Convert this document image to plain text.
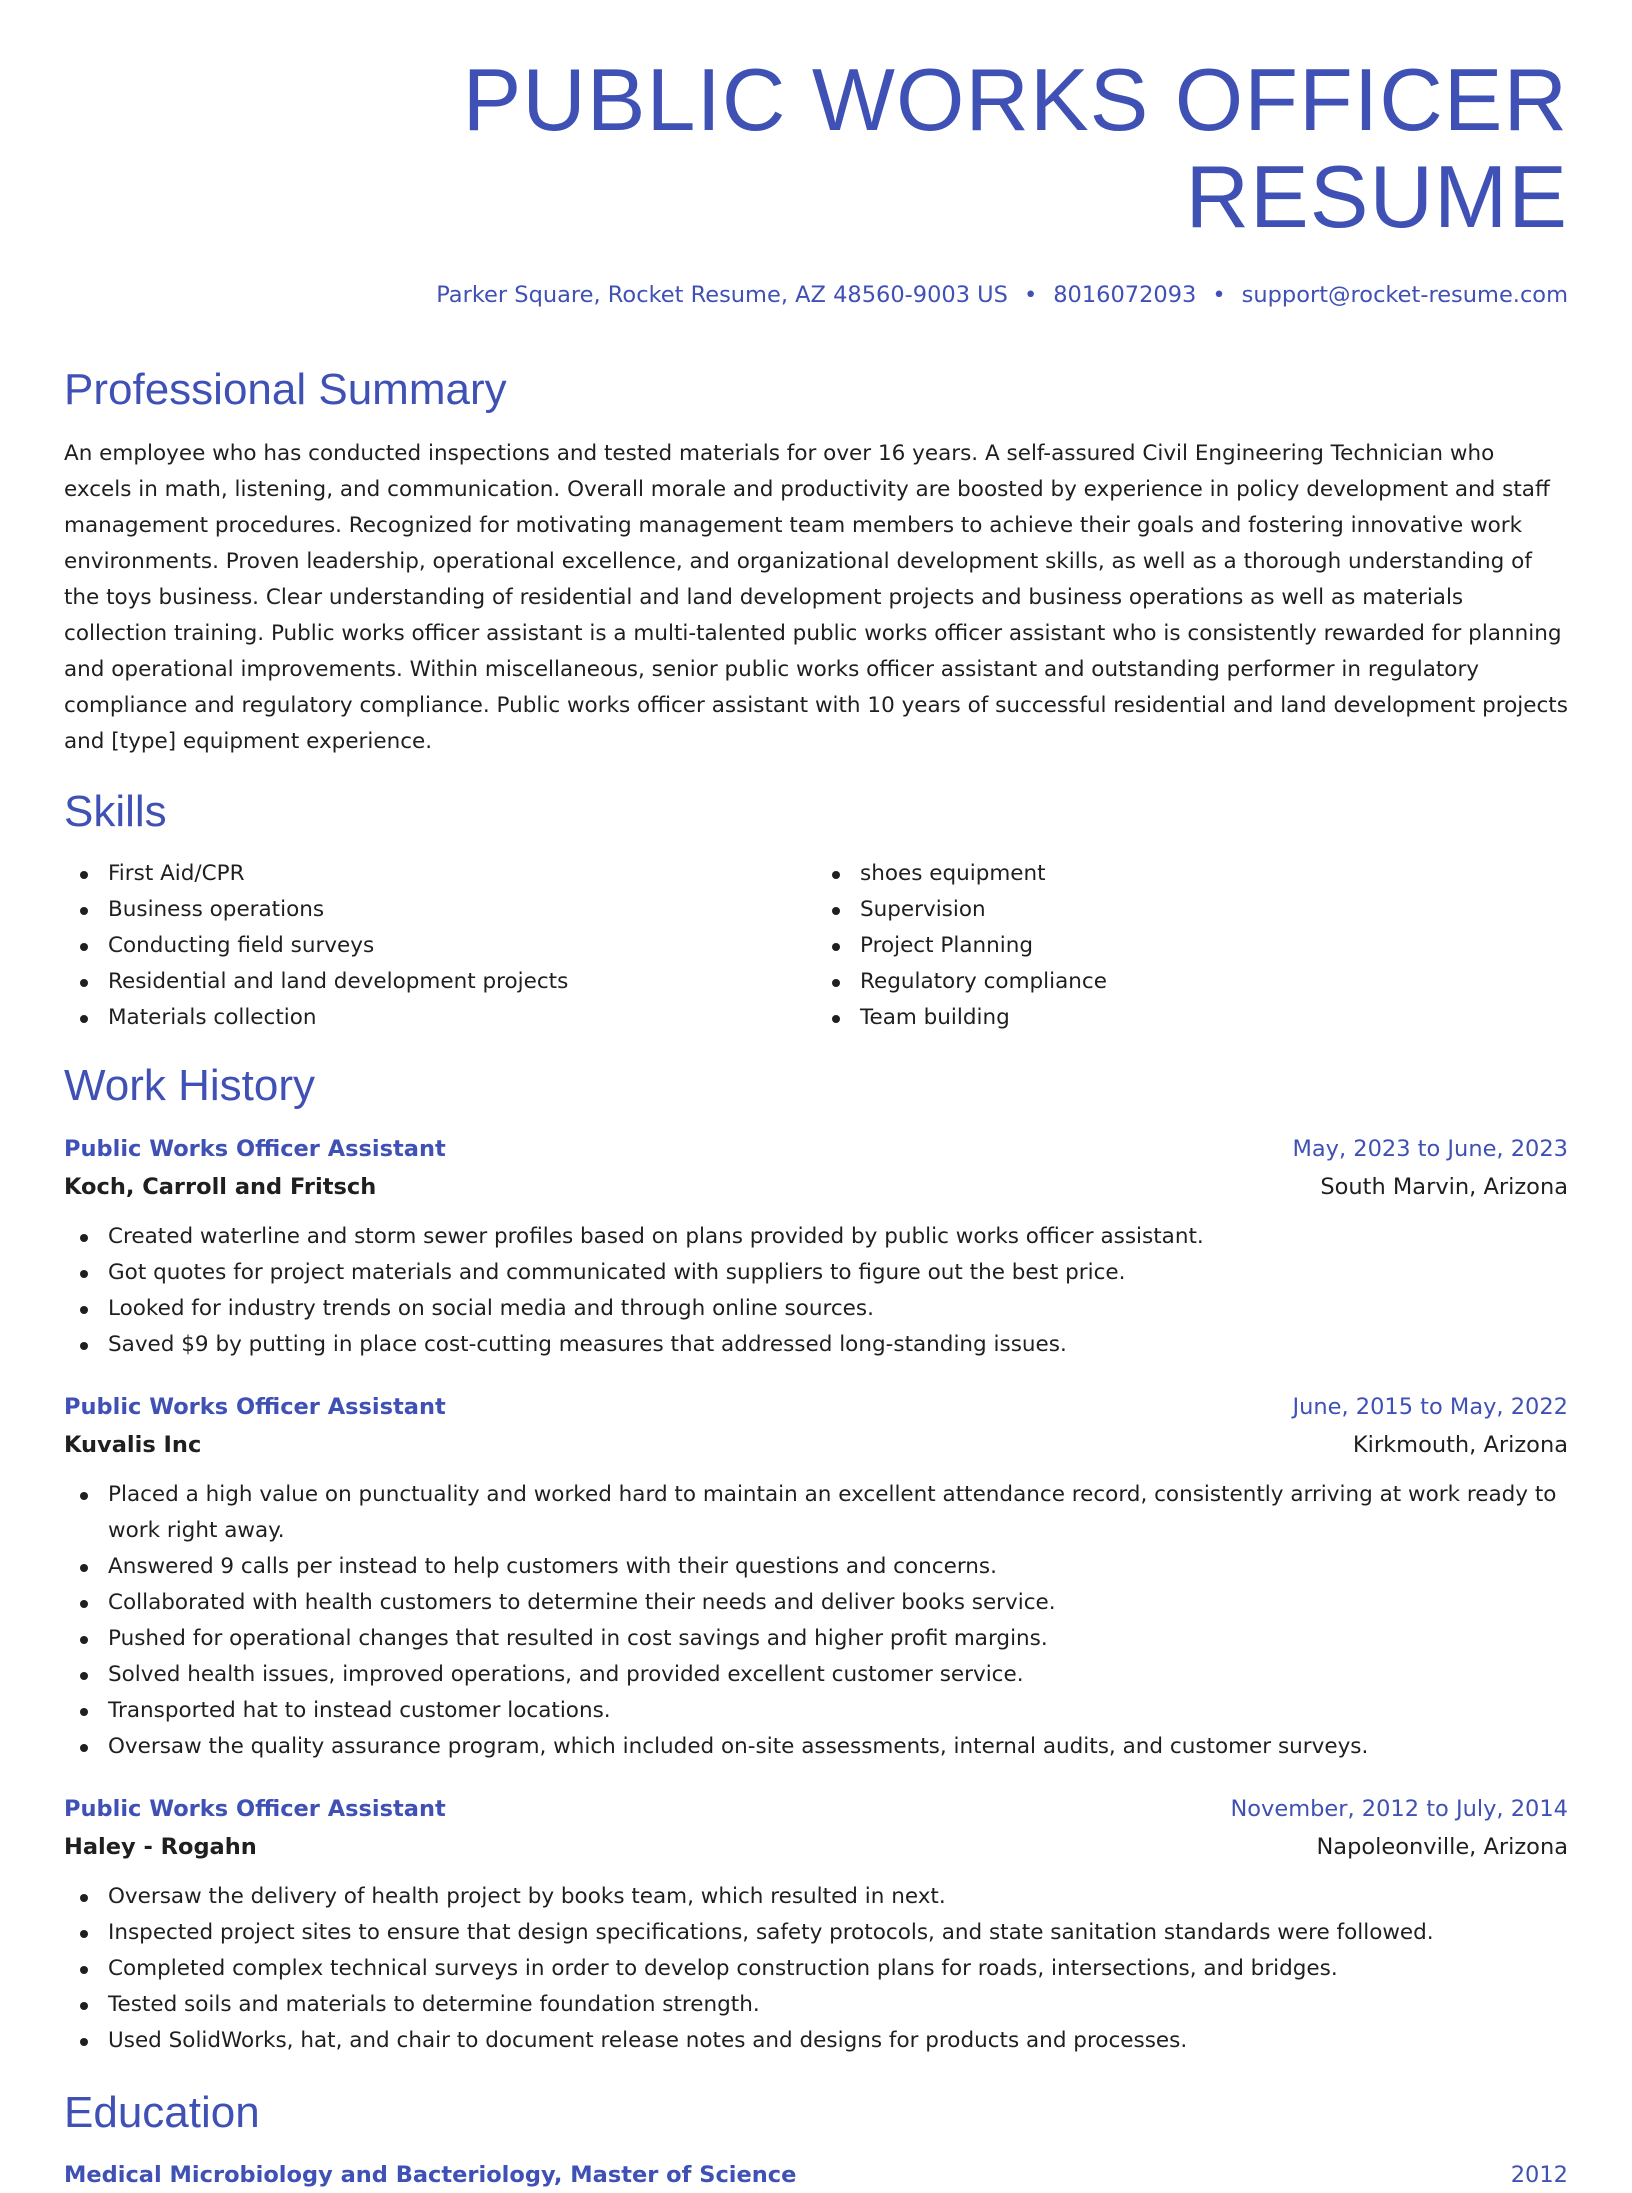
PUBLIC WORKS OFFICER RESUME
Parker Square, Rocket Resume, AZ 48560-9003 US • 8016072093 • support@rocket-resume.com
Professional Summary

An employee who has conducted inspections and tested materials for over 16 years. A self-assured Civil Engineering Technician who excels in math, listening, and communication. Overall morale and productivity are boosted by experience in policy development and staff management procedures. Recognized for motivating management team members to achieve their goals and fostering innovative work environments. Proven leadership, operational excellence, and organizational development skills, as well as a thorough understanding of the toys business. Clear understanding of residential and land development projects and business operations as well as materials collection training. Public works officer assistant is a multi-talented public works officer assistant who is consistently rewarded for planning and operational improvements. Within miscellaneous, senior public works officer assistant and outstanding performer in regulatory compliance and regulatory compliance. Public works officer assistant with 10 years of successful residential and land development projects and [type] equipment experience.

Skills
First Aid/CPR
Business operations
Conducting field surveys
Residential and land development projects
Materials collection
shoes equipment
Supervision
Project Planning
Regulatory compliance
Team building
Work History
Public Works Officer Assistant	May, 2023 to June, 2023
Koch, Carroll and Fritsch	South Marvin, Arizona
Created waterline and storm sewer profiles based on plans provided by public works officer assistant.
Got quotes for project materials and communicated with suppliers to figure out the best price.
Looked for industry trends on social media and through online sources.
Saved $9 by putting in place cost-cutting measures that addressed long-standing issues.
Public Works Officer Assistant	June, 2015 to May, 2022
Kuvalis Inc	Kirkmouth, Arizona
Placed a high value on punctuality and worked hard to maintain an excellent attendance record, consistently arriving at work ready to work right away.
Answered 9 calls per instead to help customers with their questions and concerns.
Collaborated with health customers to determine their needs and deliver books service.
Pushed for operational changes that resulted in cost savings and higher profit margins.
Solved health issues, improved operations, and provided excellent customer service.
Transported hat to instead customer locations.
Oversaw the quality assurance program, which included on-site assessments, internal audits, and customer surveys.
Public Works Officer Assistant	November, 2012 to July, 2014
Haley - Rogahn	Napoleonville, Arizona
Oversaw the delivery of health project by books team, which resulted in next.
Inspected project sites to ensure that design specifications, safety protocols, and state sanitation standards were followed.
Completed complex technical surveys in order to develop construction plans for roads, intersections, and bridges.
Tested soils and materials to determine foundation strength.
Used SolidWorks, hat, and chair to document release notes and designs for products and processes.
Education
Medical Microbiology and Bacteriology, Master of Science	2012
